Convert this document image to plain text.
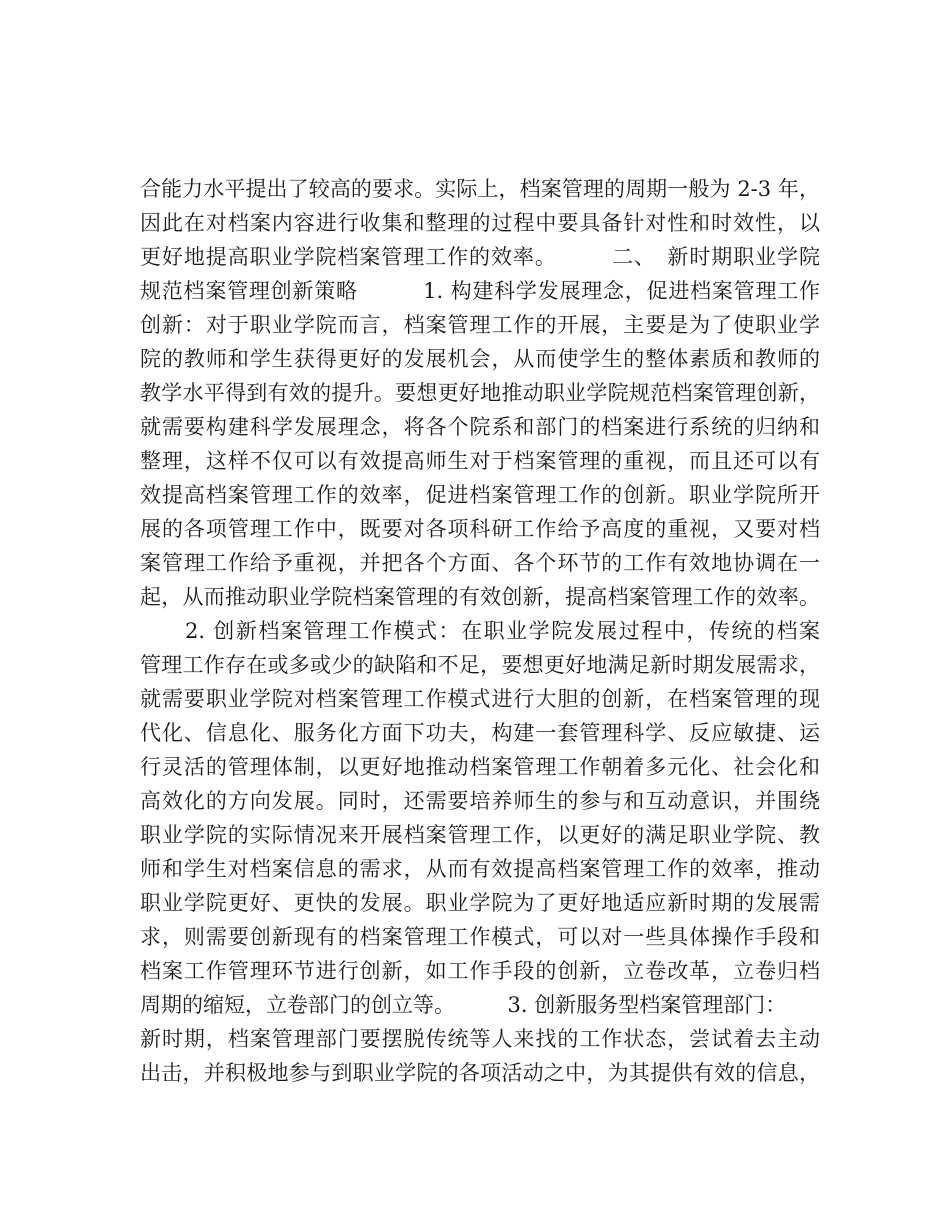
合能力水平提出了较高的要求。实际上，档案管理的周期一般为 2-3 年，
因此在对档案内容进行收集和整理的过程中要具备针对性和时效性，以
更好地提高职业学院档案管理工作的效率。　　　二、　新时期职业学院
规范档案管理创新策略　　　1. 构建科学发展理念，促进档案管理工作
创新：对于职业学院而言，档案管理工作的开展，主要是为了使职业学
院的教师和学生获得更好的发展机会，从而使学生的整体素质和教师的
教学水平得到有效的提升。要想更好地推动职业学院规范档案管理创新，
就需要构建科学发展理念，将各个院系和部门的档案进行系统的归纳和
整理，这样不仅可以有效提高师生对于档案管理的重视，而且还可以有
效提高档案管理工作的效率，促进档案管理工作的创新。职业学院所开
展的各项管理工作中，既要对各项科研工作给予高度的重视，又要对档
案管理工作给予重视，并把各个方面、各个环节的工作有效地协调在一
起，从而推动职业学院档案管理的有效创新，提高档案管理工作的效率。
　　2. 创新档案管理工作模式：在职业学院发展过程中，传统的档案
管理工作存在或多或少的缺陷和不足，要想更好地满足新时期发展需求，
就需要职业学院对档案管理工作模式进行大胆的创新，在档案管理的现
代化、信息化、服务化方面下功夫，构建一套管理科学、反应敏捷、运
行灵活的管理体制，以更好地推动档案管理工作朝着多元化、社会化和
高效化的方向发展。同时，还需要培养师生的参与和互动意识，并围绕
职业学院的实际情况来开展档案管理工作，以更好的满足职业学院、教
师和学生对档案信息的需求，从而有效提高档案管理工作的效率，推动
职业学院更好、更快的发展。职业学院为了更好地适应新时期的发展需
求，则需要创新现有的档案管理工作模式，可以对一些具体操作手段和
档案工作管理环节进行创新，如工作手段的创新，立卷改革，立卷归档
周期的缩短，立卷部门的创立等。　　　3. 创新服务型档案管理部门：
新时期，档案管理部门要摆脱传统等人来找的工作状态，尝试着去主动
出击，并积极地参与到职业学院的各项活动之中，为其提供有效的信息，
